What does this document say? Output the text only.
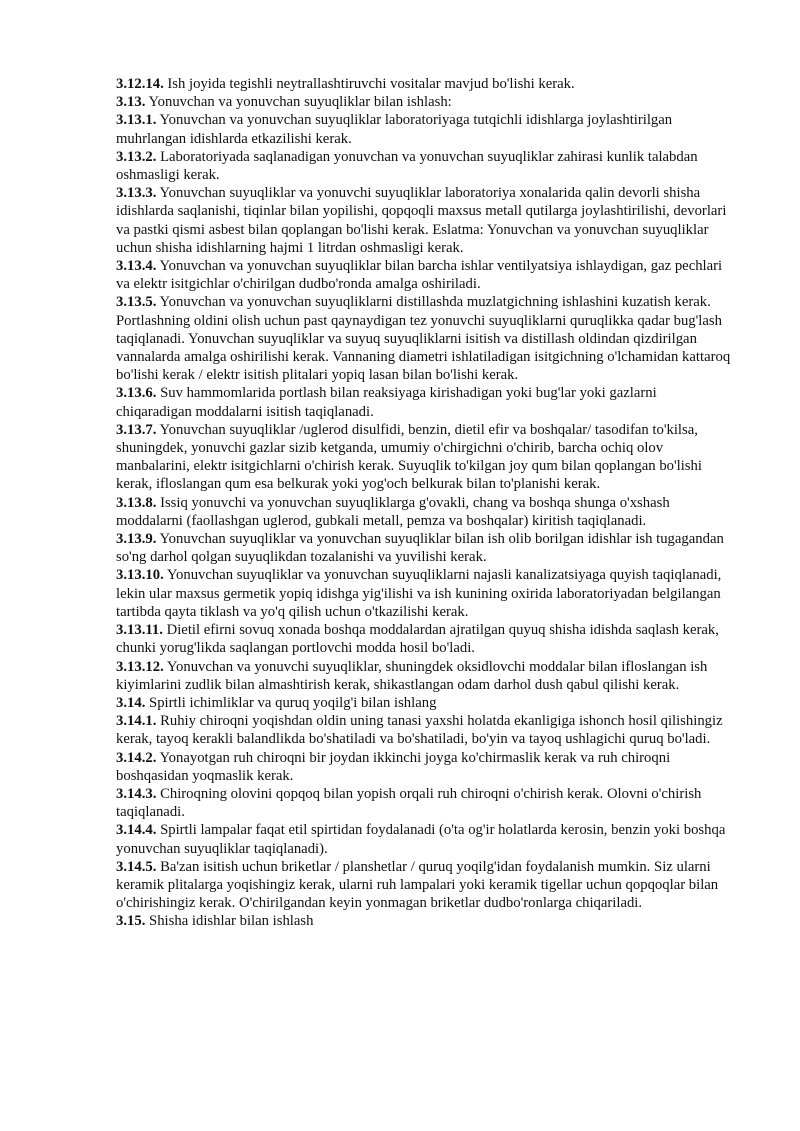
3.12.14. Ish joyida tegishli neytrallashtiruvchi vositalar mavjud bo'lishi kerak.

3.13. Yonuvchan va yonuvchan suyuqliklar bilan ishlash:

3.13.1. Yonuvchan va yonuvchan suyuqliklar laboratoriyaga tutqichli idishlarga joylashtirilgan muhrlangan idishlarda etkazilishi kerak.

3.13.2. Laboratoriyada saqlanadigan yonuvchan va yonuvchan suyuqliklar zahirasi kunlik talabdan oshmasligi kerak.

3.13.3. Yonuvchan suyuqliklar va yonuvchi suyuqliklar laboratoriya xonalarida qalin devorli shisha idishlarda saqlanishi, tiqinlar bilan yopilishi, qopqoqli maxsus metall qutilarga joylashtirilishi, devorlari va pastki qismi asbest bilan qoplangan bo'lishi kerak. Eslatma: Yonuvchan va yonuvchan suyuqliklar uchun shisha idishlarning hajmi 1 litrdan oshmasligi kerak.

3.13.4. Yonuvchan va yonuvchan suyuqliklar bilan barcha ishlar ventilyatsiya ishlaydigan, gaz pechlari va elektr isitgichlar o'chirilgan dudbo'ronda amalga oshiriladi.

3.13.5. Yonuvchan va yonuvchan suyuqliklarni distillashda muzlatgichning ishlashini kuzatish kerak. Portlashning oldini olish uchun past qaynaydigan tez yonuvchi suyuqliklarni quruqlikka qadar bug'lash taqiqlanadi. Yonuvchan suyuqliklar va suyuq suyuqliklarni isitish va distillash oldindan qizdirilgan vannalarda amalga oshirilishi kerak. Vannaning diametri ishlatiladigan isitgichning o'lchamidan kattaroq bo'lishi kerak / elektr isitish plitalari yopiq lasan bilan bo'lishi kerak.

3.13.6. Suv hammomlarida portlash bilan reaksiyaga kirishadigan yoki bug'lar yoki gazlarni chiqaradigan moddalarni isitish taqiqlanadi.

3.13.7. Yonuvchan suyuqliklar /uglerod disulfidi, benzin, dietil efir va boshqalar/ tasodifan to'kilsa, shuningdek, yonuvchi gazlar sizib ketganda, umumiy o'chirgichni o'chirib, barcha ochiq olov manbalarini, elektr isitgichlarni o'chirish kerak. Suyuqlik to'kilgan joy qum bilan qoplangan bo'lishi kerak, ifloslangan qum esa belkurak yoki yog'och belkurak bilan to'planishi kerak.

3.13.8. Issiq yonuvchi va yonuvchan suyuqliklarga g'ovakli, chang va boshqa shunga o'xshash moddalarni (faollashgan uglerod, gubkali metall, pemza va boshqalar) kiritish taqiqlanadi.

3.13.9. Yonuvchan suyuqliklar va yonuvchan suyuqliklar bilan ish olib borilgan idishlar ish tugagandan so'ng darhol qolgan suyuqlikdan tozalanishi va yuvilishi kerak.

3.13.10. Yonuvchan suyuqliklar va yonuvchan suyuqliklarni najasli kanalizatsiyaga quyish taqiqlanadi, lekin ular maxsus germetik yopiq idishga yig'ilishi va ish kunining oxirida laboratoriyadan belgilangan tartibda qayta tiklash va yo'q qilish uchun o'tkazilishi kerak.

3.13.11. Dietil efirni sovuq xonada boshqa moddalardan ajratilgan quyuq shisha idishda saqlash kerak, chunki yorug'likda saqlangan portlovchi modda hosil bo'ladi.

3.13.12. Yonuvchan va yonuvchi suyuqliklar, shuningdek oksidlovchi moddalar bilan ifloslangan ish kiyimlarini zudlik bilan almashtirish kerak, shikastlangan odam darhol dush qabul qilishi kerak.

3.14. Spirtli ichimliklar va quruq yoqilg'i bilan ishlang

3.14.1. Ruhiy chiroqni yoqishdan oldin uning tanasi yaxshi holatda ekanligiga ishonch hosil qilishingiz kerak, tayoq kerakli balandlikda bo'shatiladi va bo'shatiladi, bo'yin va tayoq ushlagichi quruq bo'ladi.

3.14.2. Yonayotgan ruh chiroqni bir joydan ikkinchi joyga ko'chirmaslik kerak va ruh chiroqni boshqasidan yoqmaslik kerak.

3.14.3. Chiroqning olovini qopqoq bilan yopish orqali ruh chiroqni o'chirish kerak. Olovni o'chirish taqiqlanadi.

3.14.4. Spirtli lampalar faqat etil spirtidan foydalanadi (o'ta og'ir holatlarda kerosin, benzin yoki boshqa yonuvchan suyuqliklar taqiqlanadi).

3.14.5. Ba'zan isitish uchun briketlar / planshetlar / quruq yoqilg'idan foydalanish mumkin. Siz ularni keramik plitalarga yoqishingiz kerak, ularni ruh lampalari yoki keramik tigellar uchun qopqoqlar bilan o'chirishingiz kerak. O'chirilgandan keyin yonmagan briketlar dudbo'ronlarga chiqariladi.

3.15. Shisha idishlar bilan ishlash
